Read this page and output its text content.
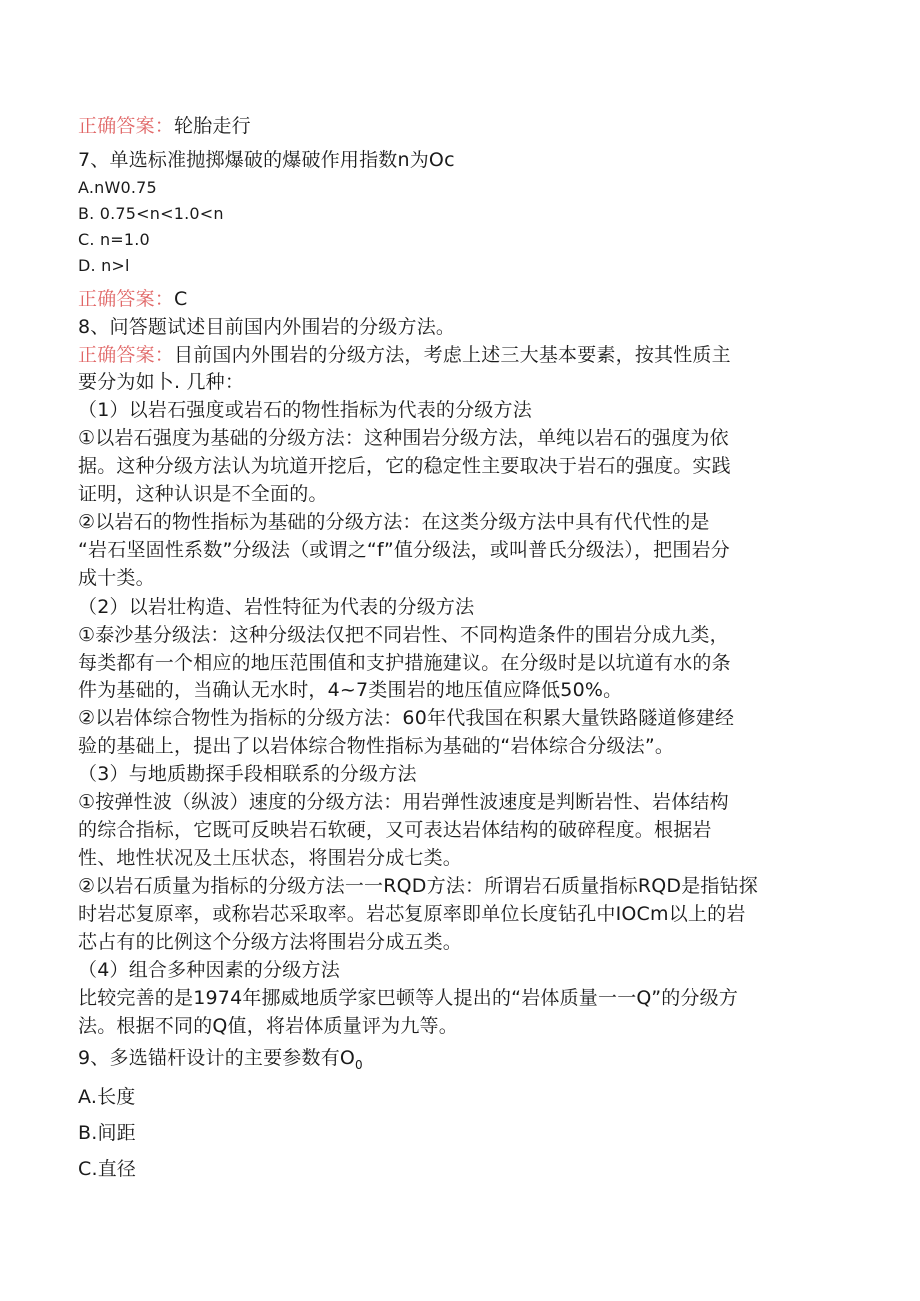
正确答案：轮胎走行
7、单选标准抛掷爆破的爆破作用指数n为Oc
A.nW0.75
B. 0.75<n<1.0<n
C. n=1.0
D. n>l
正确答案：C
8、问答题试述目前国内外围岩的分级方法。
正确答案：目前国内外围岩的分级方法，考虑上述三大基本要素，按其性质主
要分为如卜. 几种：
（1）以岩石强度或岩石的物性指标为代表的分级方法
①以岩石强度为基础的分级方法：这种围岩分级方法，单纯以岩石的强度为依
据。这种分级方法认为坑道开挖后，它的稳定性主要取决于岩石的强度。实践
证明，这种认识是不全面的。
②以岩石的物性指标为基础的分级方法：在这类分级方法中具有代代性的是
“岩石坚固性系数”分级法（或谓之“f”值分级法，或叫普氏分级法），把围岩分
成十类。
（2）以岩壮构造、岩性特征为代表的分级方法
①泰沙基分级法：这种分级法仅把不同岩性、不同构造条件的围岩分成九类，
每类都有一个相应的地压范围值和支护措施建议。在分级时是以坑道有水的条
件为基础的，当确认无水时，4~7类围岩的地压值应降低50%。
②以岩体综合物性为指标的分级方法：60年代我国在积累大量铁路隧道修建经
验的基础上，提出了以岩体综合物性指标为基础的“岩体综合分级法”。
（3）与地质勘探手段相联系的分级方法
①按弹性波（纵波）速度的分级方法：用岩弹性波速度是判断岩性、岩体结构
的综合指标，它既可反映岩石软硬，又可表达岩体结构的破碎程度。根据岩
性、地性状况及土压状态，将围岩分成七类。
②以岩石质量为指标的分级方法一一RQD方法：所谓岩石质量指标RQD是指钻探
时岩芯复原率，或称岩芯采取率。岩芯复原率即单位长度钻孔中IOCm以上的岩
芯占有的比例这个分级方法将围岩分成五类。
（4）组合多种因素的分级方法
比较完善的是1974年挪威地质学家巴顿等人提出的“岩体质量一一Q”的分级方
法。根据不同的Q值，将岩体质量评为九等。
9、多选锚杆设计的主要参数有$O_0$
A.长度
B.间距
C.直径
